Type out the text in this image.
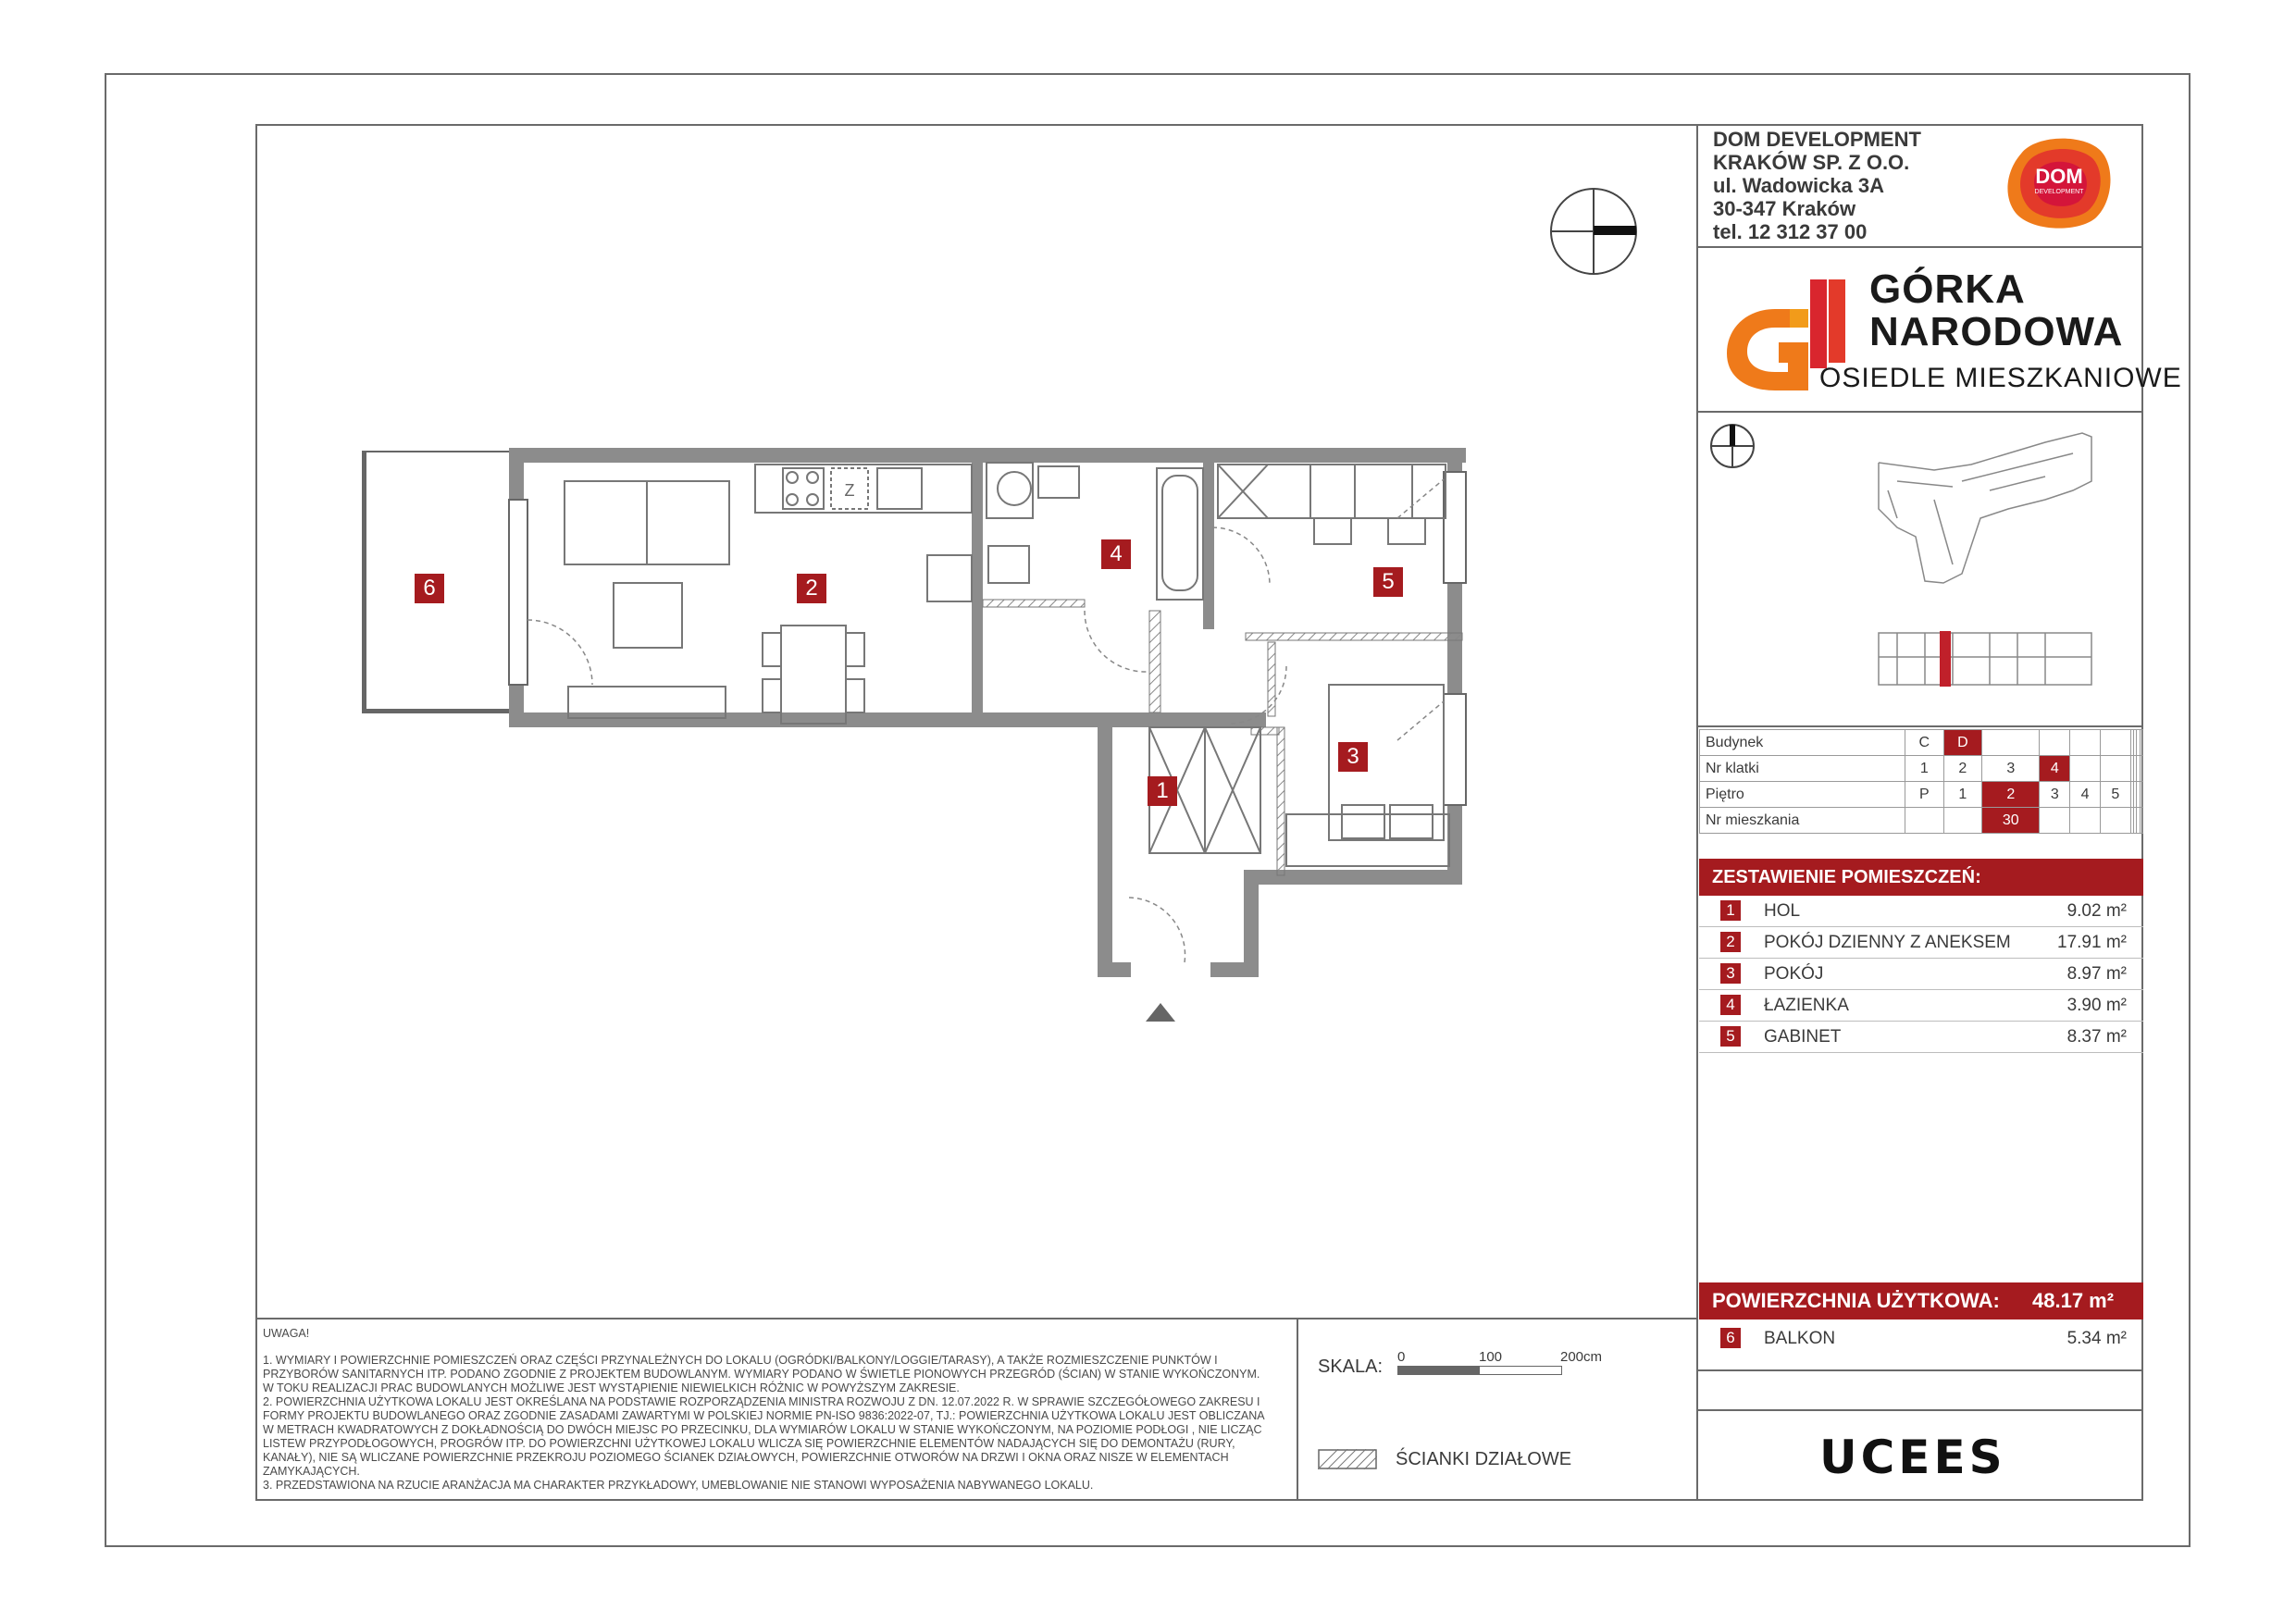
DOM DEVELOPMENT
KRAKÓW SP. Z O.O.
ul. Wadowicka 3A
30-347 Kraków
tel. 12 312 37 00
DOM
DEVELOPMENT
GÓRKA
NARODOWA
OSIEDLE MIESZKANIOWE
Budynek	C	D								
Nr klatki	1	2	3	4						
Piętro	P	1	2	3	4	5				
Nr mieszkania			30							
ZESTAWIENIE POMIESZCZEŃ:
1	HOL	9.02 m²
2	POKÓJ DZIENNY Z ANEKSEM	17.91 m²
3	POKÓJ	8.97 m²
4	ŁAZIENKA	3.90 m²
5	GABINET	8.37 m²
POWIERZCHNIA UŻYTKOWA: 48.17 m²
6	BALKON	5.34 m²
UCEES

UWAGA!

1. WYMIARY I POWIERZCHNIE POMIESZCZEŃ ORAZ CZĘŚCI PRZYNALEŻNYCH DO LOKALU (OGRÓDKI/BALKONY/LOGGIE/TARASY), A TAKŻE ROZMIESZCZENIE PUNKTÓW I PRZYBORÓW SANITARNYCH ITP. PODANO ZGODNIE Z PROJEKTEM BUDOWLANYM. WYMIARY PODANO W ŚWIETLE PIONOWYCH PRZEGRÓD (ŚCIAN) W STANIE WYKOŃCZONYM. W TOKU REALIZACJI PRAC BUDOWLANYCH MOŻLIWE JEST WYSTĄPIENIE NIEWIELKICH RÓŻNIC W POWYŻSZYM ZAKRESIE.

2. POWIERZCHNIA UŻYTKOWA LOKALU JEST OKREŚLANA NA PODSTAWIE ROZPORZĄDZENIA MINISTRA ROZWOJU Z DN. 12.07.2022 R. W SPRAWIE SZCZEGÓŁOWEGO ZAKRESU I FORMY PROJEKTU BUDOWLANEGO ORAZ ZGODNIE ZASADAMI ZAWARTYMI W POLSKIEJ NORMIE PN-ISO 9836:2022-07, TJ.: POWIERZCHNIA UŻYTKOWA LOKALU JEST OBLICZANA W METRACH KWADRATOWYCH Z DOKŁADNOŚCIĄ DO DWÓCH MIEJSC PO PRZECINKU, DLA WYMIARÓW LOKALU W STANIE WYKOŃCZONYM, NA POZIOMIE PODŁOGI , NIE LICZĄC LISTEW PRZYPODŁOGOWYCH, PROGRÓW ITP. DO POWIERZCHNI UŻYTKOWEJ LOKALU WLICZA SIĘ POWIERZCHNIE ELEMENTÓW NADAJĄCYCH SIĘ DO DEMONTAŻU (RURY, KANAŁY), NIE SĄ WLICZANE POWIERZCHNIE PRZEKROJU POZIOMEGO ŚCIANEK DZIAŁOWYCH, POWIERZCHNIE OTWORÓW NA DRZWI I OKNA ORAZ NISZE W ELEMENTACH ZAMYKAJĄCYCH.

3. PRZEDSTAWIONA NA RZUCIE ARANŻACJA MA CHARAKTER PRZYKŁADOWY, UMEBLOWANIE NIE STANOWI WYPOSAŻENIA NABYWANEGO LOKALU.

SKALA: 0	100	200cm
ŚCIANKI DZIAŁOWE
Z
6	2
4
5
3
1
